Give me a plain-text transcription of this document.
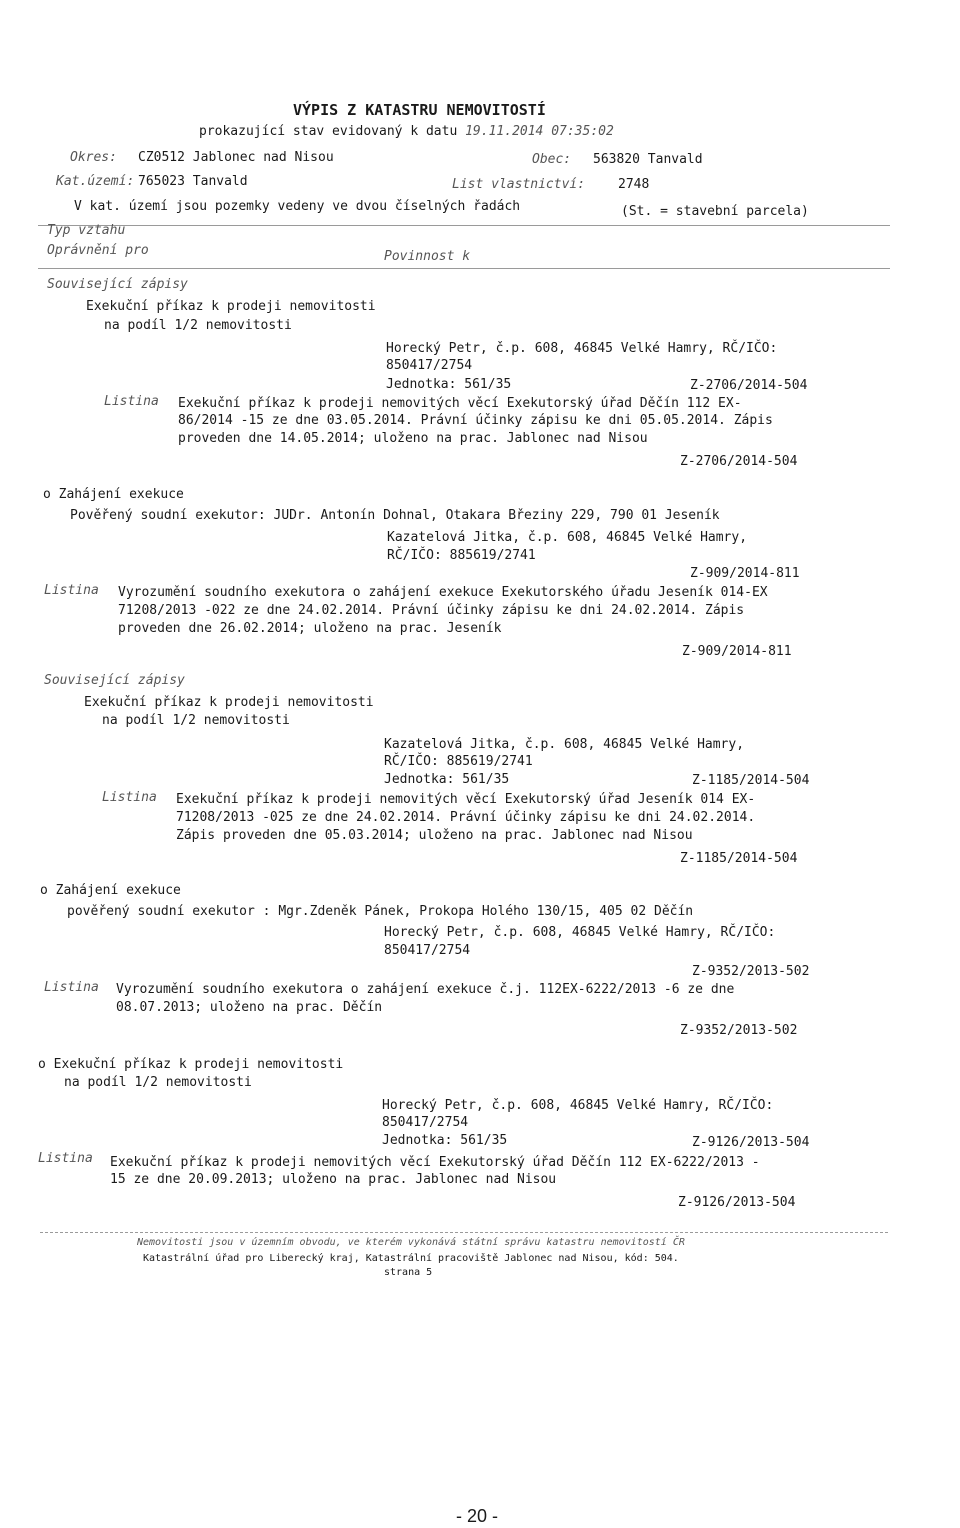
VÝPIS Z KATASTRU NEMOVITOSTÍ
prokazující stav evidovaný k datu 19.11.2014 07:35:02
Okres: CZ0512 Jablonec nad Nisou	Obec: 563820 Tanvald
Kat.území: 765023 Tanvald	List vlastnictví:	2748
V kat. území jsou pozemky vedeny ve dvou číselných řadách	(St. = stavební parcela)
Typ vztahu
Oprávnění pro	Povinnost k
Související zápisy
Exekuční příkaz k prodeji nemovitosti
na podíl 1/2 nemovitosti
Horecký Petr, č.p. 608, 46845 Velké Hamry, RČ/IČO:
850417/2754
Jednotka: 561/35	Z-2706/2014-504
Listina Exekuční příkaz k prodeji nemovitých věcí Exekutorský úřad Děčín 112 EX-
86/2014 -15 ze dne 03.05.2014. Právní účinky zápisu ke dni 05.05.2014. Zápis
proveden dne 14.05.2014; uloženo na prac. Jablonec nad Nisou
Z-2706/2014-504
o Zahájení exekuce
Pověřený soudní exekutor: JUDr. Antonín Dohnal, Otakara Březiny 229, 790 01 Jeseník
Kazatelová Jitka, č.p. 608, 46845 Velké Hamry,
RČ/IČO: 885619/2741
Z-909/2014-811
Listina Vyrozumění soudního exekutora o zahájení exekuce Exekutorského úřadu Jeseník 014-EX
71208/2013 -022 ze dne 24.02.2014. Právní účinky zápisu ke dni 24.02.2014. Zápis
proveden dne 26.02.2014; uloženo na prac. Jeseník
Z-909/2014-811
Související zápisy
Exekuční příkaz k prodeji nemovitosti
na podíl 1/2 nemovitosti
Kazatelová Jitka, č.p. 608, 46845 Velké Hamry,
RČ/IČO: 885619/2741
Jednotka: 561/35	Z-1185/2014-504
Listina Exekuční příkaz k prodeji nemovitých věcí Exekutorský úřad Jeseník 014 EX-
71208/2013 -025 ze dne 24.02.2014. Právní účinky zápisu ke dni 24.02.2014.
Zápis proveden dne 05.03.2014; uloženo na prac. Jablonec nad Nisou
Z-1185/2014-504
o Zahájení exekuce
pověřený soudní exekutor : Mgr.Zdeněk Pánek, Prokopa Holého 130/15, 405 02 Děčín
Horecký Petr, č.p. 608, 46845 Velké Hamry, RČ/IČO:
850417/2754
Z-9352/2013-502
Listina Vyrozumění soudního exekutora o zahájení exekuce č.j. 112EX-6222/2013 -6 ze dne
08.07.2013; uloženo na prac. Děčín
Z-9352/2013-502
o Exekuční příkaz k prodeji nemovitosti
na podíl 1/2 nemovitosti
Horecký Petr, č.p. 608, 46845 Velké Hamry, RČ/IČO:
850417/2754
Jednotka: 561/35	Z-9126/2013-504
Listina Exekuční příkaz k prodeji nemovitých věcí Exekutorský úřad Děčín 112 EX-6222/2013 -
15 ze dne 20.09.2013; uloženo na prac. Jablonec nad Nisou
Z-9126/2013-504
Nemovitosti jsou v územním obvodu, ve kterém vykonává státní správu katastru nemovitostí ČR
Katastrální úřad pro Liberecký kraj, Katastrální pracoviště Jablonec nad Nisou, kód: 504.
strana 5
- 20 -
